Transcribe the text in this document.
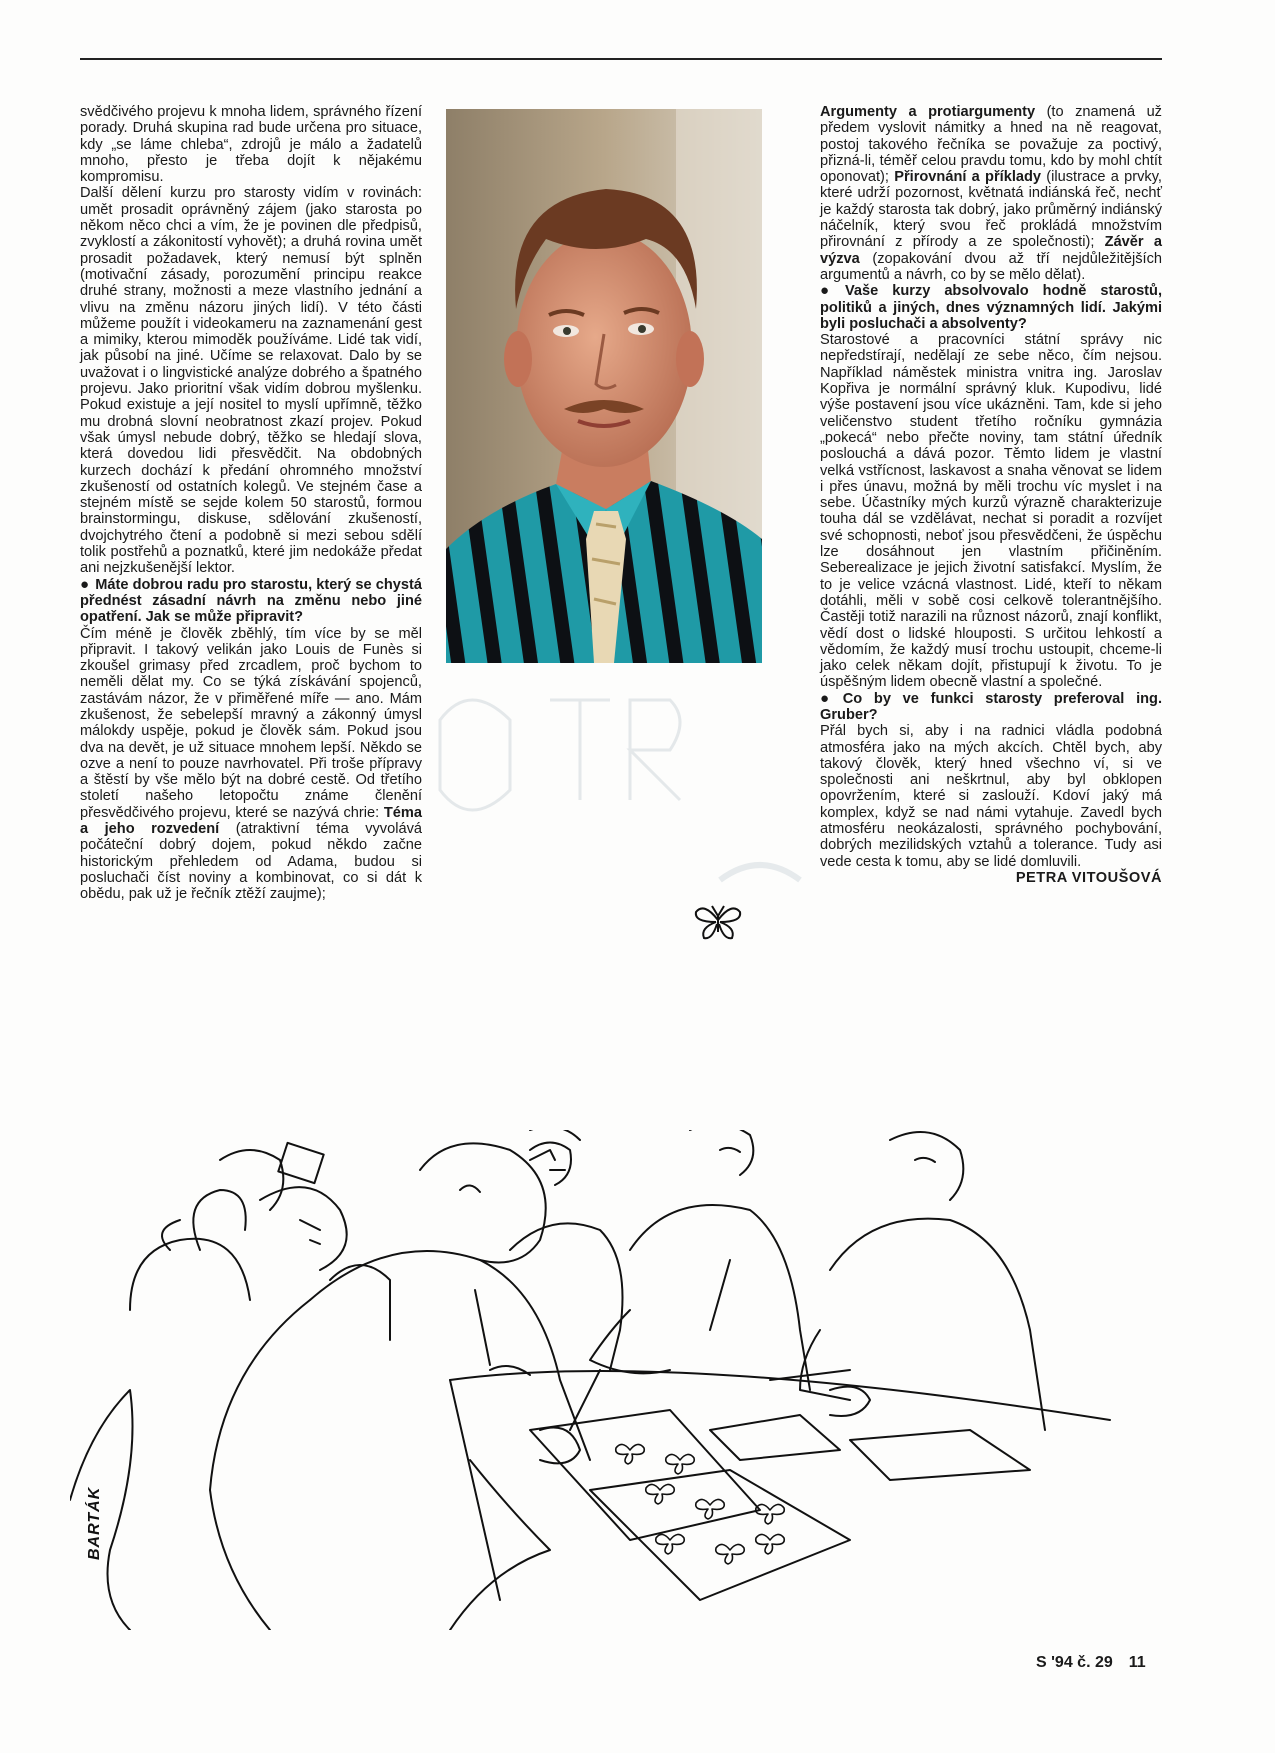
svědčivého projevu k mnoha lidem, správného řízení porady. Druhá skupina rad bude určena pro situace, kdy „se láme chleba“, zdrojů je málo a žadatelů mnoho, přesto je třeba dojít k nějakému kompromisu.

Další dělení kurzu pro starosty vidím v rovinách: umět prosadit oprávněný zájem (jako starosta po někom něco chci a vím, že je povinen dle předpisů, zvyklostí a zákonitostí vyhovět); a druhá rovina umět prosadit požadavek, který nemusí být splněn (motivační zásady, porozumění principu reakce druhé strany, možnosti a meze vlastního jednání a vlivu na změnu názoru jiných lidí). V této části můžeme použít i videokameru na zaznamenání gest a mimiky, kterou mimoděk používáme. Lidé tak vidí, jak působí na jiné. Učíme se relaxovat. Dalo by se uvažovat i o lingvistické analýze dobrého a špatného projevu. Jako prioritní však vidím dobrou myšlenku. Pokud existuje a její nositel to myslí upřímně, těžko mu drobná slovní neobratnost zkazí projev. Pokud však úmysl nebude dobrý, těžko se hledají slova, která dovedou lidi přesvědčit. Na obdobných kurzech dochází k předání ohromného množství zkušeností od ostatních kolegů. Ve stejném čase a stejném místě se sejde kolem 50 starostů, formou brainstormingu, diskuse, sdělování zkušeností, dvojchytrého čtení a podobně si mezi sebou sdělí tolik postřehů a poznatků, které jim nedokáže předat ani nejzkušenější lektor.

● Máte dobrou radu pro starostu, který se chystá přednést zásadní návrh na změnu nebo jiné opatření. Jak se může připravit?

Čím méně je člověk zběhlý, tím více by se měl připravit. I takový velikán jako Louis de Funès si zkoušel grimasy před zrcadlem, proč bychom to neměli dělat my. Co se týká získávání spojenců, zastávám názor, že v přiměřené míře — ano. Mám zkušenost, že sebelepší mravný a zákonný úmysl málokdy uspěje, pokud je člověk sám. Pokud jsou dva na devět, je už situace mnohem lepší. Někdo se ozve a není to pouze navrhovatel. Při troše přípravy a štěstí by vše mělo být na dobré cestě. Od třetího století našeho letopočtu známe členění přesvědčivého projevu, které se nazývá chrie: Téma a jeho rozvedení (atraktivní téma vyvolává počáteční dobrý dojem, pokud někdo začne historickým přehledem od Adama, budou si posluchači číst noviny a kombinovat, co si dát k obědu, pak už je řečník ztěží zaujme);

Argumenty a protiargumenty (to znamená už předem vyslovit námitky a hned na ně reagovat, postoj takového řečníka se považuje za poctivý, přizná-li, téměř celou pravdu tomu, kdo by mohl chtít oponovat); Přirovnání a příklady (ilustrace a prvky, které udrží pozornost, květnatá indiánská řeč, nechť je každý starosta tak dobrý, jako průměrný indiánský náčelník, který svou řeč prokládá množstvím přirovnání z přírody a ze společnosti); Závěr a výzva (zopakování dvou až tří nejdůležitějších argumentů a návrh, co by se mělo dělat).

● Vaše kurzy absolvovalo hodně starostů, politiků a jiných, dnes významných lidí. Jakými byli posluchači a absolventy?

Starostové a pracovníci státní správy nic nepředstírají, nedělají ze sebe něco, čím nejsou. Například náměstek ministra vnitra ing. Jaroslav Kopřiva je normální správný kluk. Kupodivu, lidé výše postavení jsou více ukázněni. Tam, kde si jeho veličenstvo student třetího ročníku gymnázia „pokecá“ nebo přečte noviny, tam státní úředník poslouchá a dává pozor. Těmto lidem je vlastní velká vstřícnost, laskavost a snaha věnovat se lidem i přes únavu, možná by měli trochu víc myslet i na sebe. Účastníky mých kurzů výrazně charakterizuje touha dál se vzdělávat, nechat si poradit a rozvíjet své schopnosti, neboť jsou přesvědčeni, že úspěchu lze dosáhnout jen vlastním přičiněním. Seberealizace je jejich životní satisfakcí. Myslím, že to je velice vzácná vlastnost. Lidé, kteří to někam dotáhli, měli v sobě cosi celkově tolerantnějšího. Častěji totiž narazili na různost názorů, znají konflikt, vědí dost o lidské hlouposti. S určitou lehkostí a vědomím, že každý musí trochu ustoupit, chceme-li jako celek někam dojít, přistupují k životu. To je úspěšným lidem obecně vlastní a společné.

● Co by ve funkci starosty preferoval ing. Gruber?

Přál bych si, aby i na radnici vládla podobná atmosféra jako na mých akcích. Chtěl bych, aby takový člověk, který hned všechno ví, si ve společnosti ani neškrtnul, aby byl obklopen opovržením, které si zaslouží. Kdoví jaký má komplex, když se nad námi vytahuje. Zavedl bych atmosféru neokázalosti, správného pochybování, dobrých mezilidských vztahů a tolerance. Tudy asi vede cesta k tomu, aby se lidé domluvili.

PETRA VITOUŠOVÁ

BARTÁK
S '94 č. 29 11
